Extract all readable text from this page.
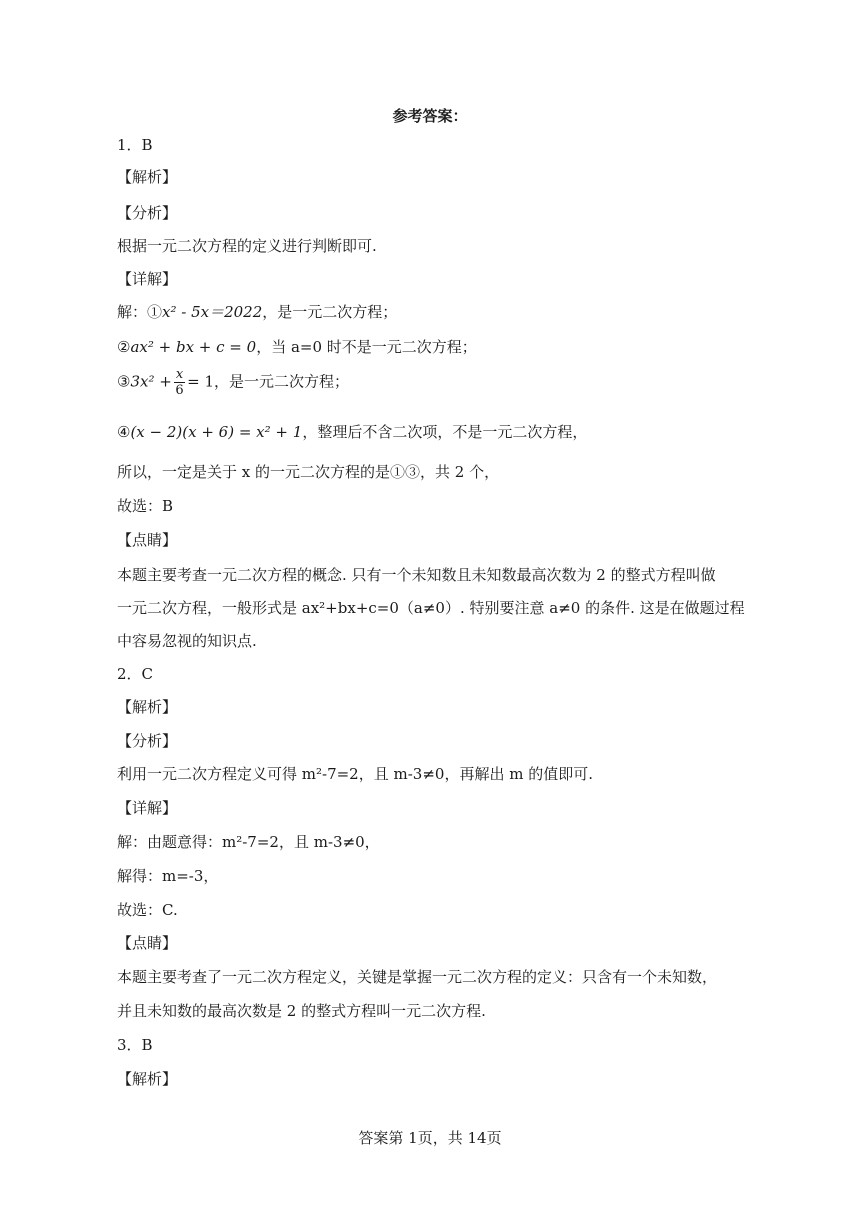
参考答案：
1．B
【解析】
【分析】
根据一元二次方程的定义进行判断即可.
【详解】
解：①x² - 5x＝2022，是一元二次方程；
②ax² + bx + c = 0，当 a=0 时不是一元二次方程；
③3x² + $\frac{x}{6} = 1$，是一元二次方程；
④(x − 2)(x + 6) = x² + 1，整理后不含二次项，不是一元二次方程，
所以，一定是关于 x 的一元二次方程的是①③，共 2 个，
故选：B
【点睛】
本题主要考查一元二次方程的概念. 只有一个未知数且未知数最高次数为 2 的整式方程叫做
一元二次方程，一般形式是 ax²+bx+c=0（a≠0）. 特别要注意 a≠0 的条件. 这是在做题过程
中容易忽视的知识点.
2．C
【解析】
【分析】
利用一元二次方程定义可得 m²-7=2，且 m-3≠0，再解出 m 的值即可.
【详解】
解：由题意得：m²-7=2，且 m-3≠0，
解得：m=-3，
故选：C.
【点睛】
本题主要考查了一元二次方程定义，关键是掌握一元二次方程的定义：只含有一个未知数，
并且未知数的最高次数是 2 的整式方程叫一元二次方程.
3．B
【解析】
答案第 1页，共 14页
